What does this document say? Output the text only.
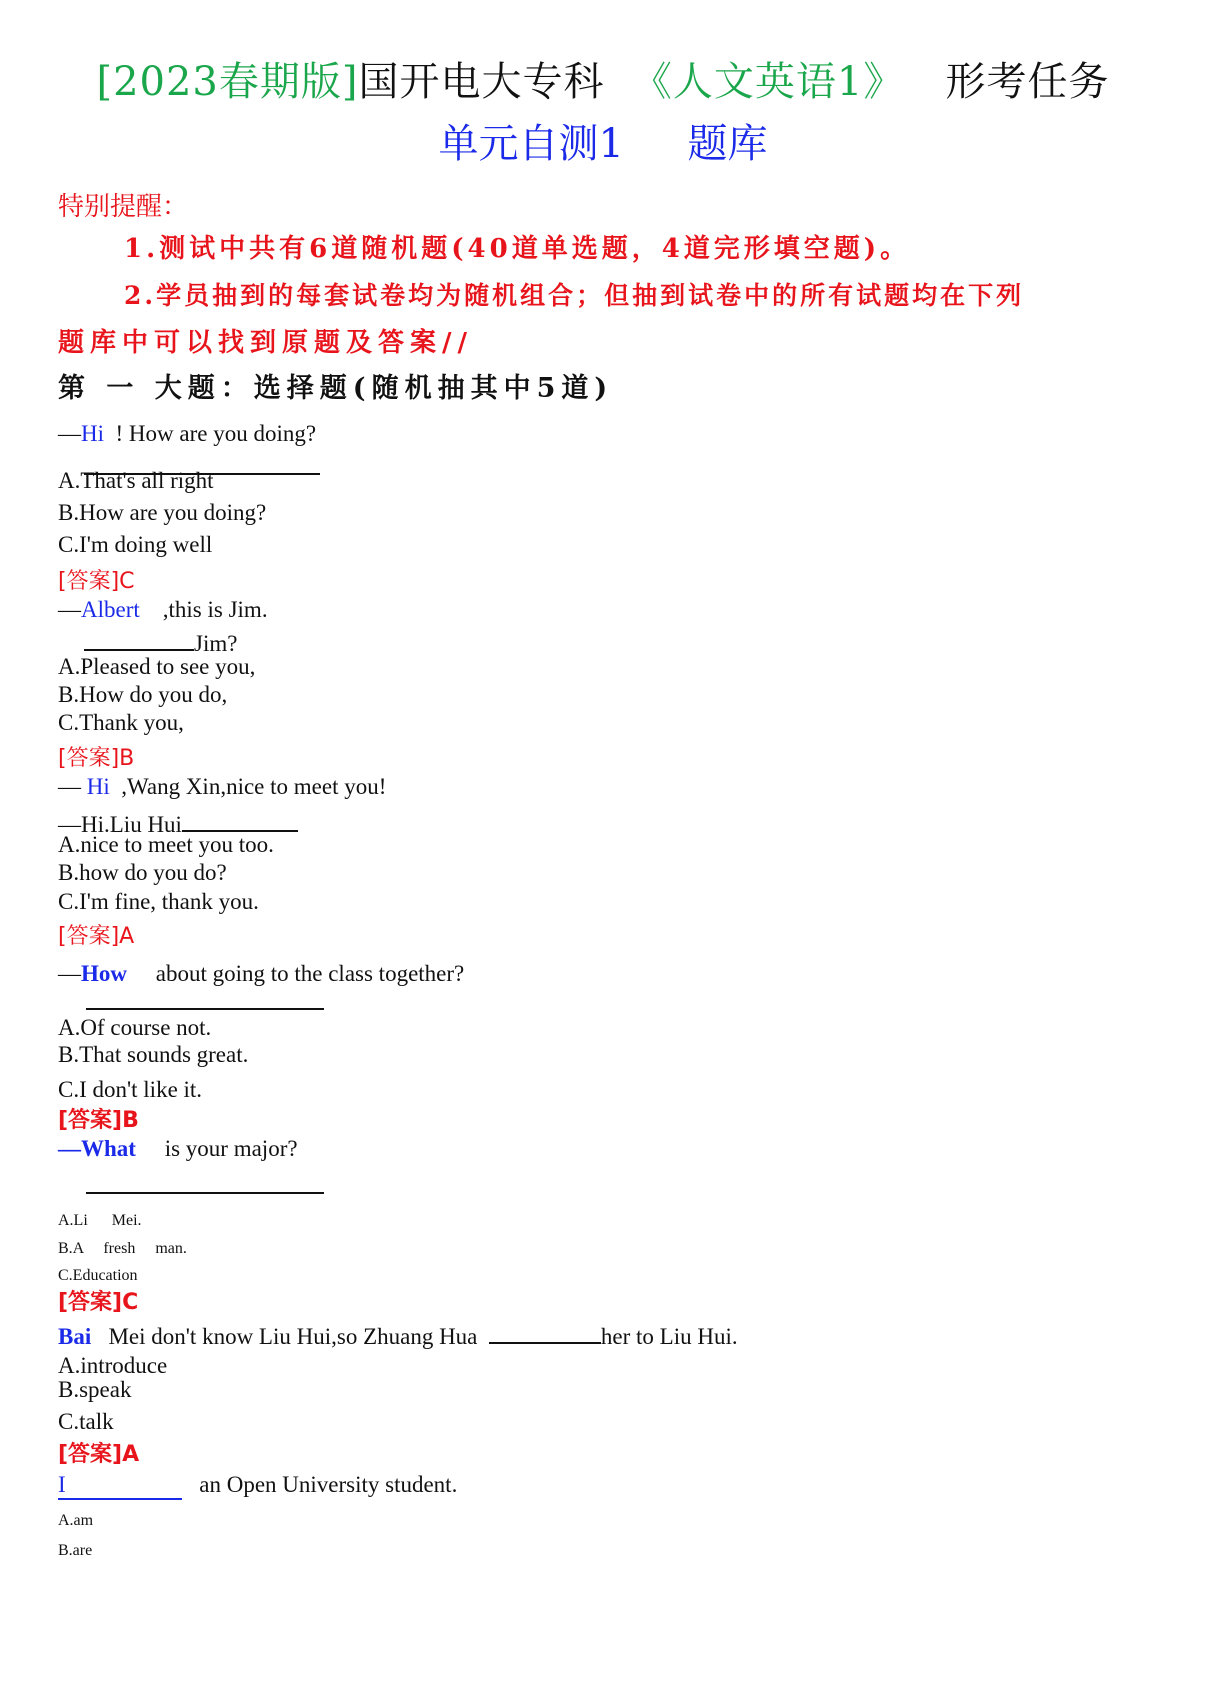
[2023春期版]国开电大专科 《人文英语1》 形考任务
单元自测1 题库
特别提醒：
1.测试中共有6道随机题(40道单选题，4道完形填空题)。
2.学员抽到的每套试卷均为随机组合；但抽到试卷中的所有试题均在下列
题库中可以找到原题及答案//
第 一 大题：选择题(随机抽其中5道)
—Hi ! How are you doing?
A.That's all right
B.How are you doing?
C.I'm doing well
[答案]C
—Albert ,this is Jim.
Jim?
A.Pleased to see you,
B.How do you do,
C.Thank you,
[答案]B
— Hi ,Wang Xin,nice to meet you!
—Hi.Liu Hui
A.nice to meet you too.
B.how do you do?
C.I'm fine, thank you.
[答案]A
—How about going to the class together?
A.Of course not.
B.That sounds great.
C.I don't like it.
[答案]B
—What is your major?
A.Li      Mei.
B.A     fresh     man.
C.Education
[答案]C
Bai Mei don't know Liu Hui,so Zhuang Hua	her to Liu Hui.
A.introduce
B.speak
C.talk
[答案]A
I	an Open University student.
A.am
B.are
